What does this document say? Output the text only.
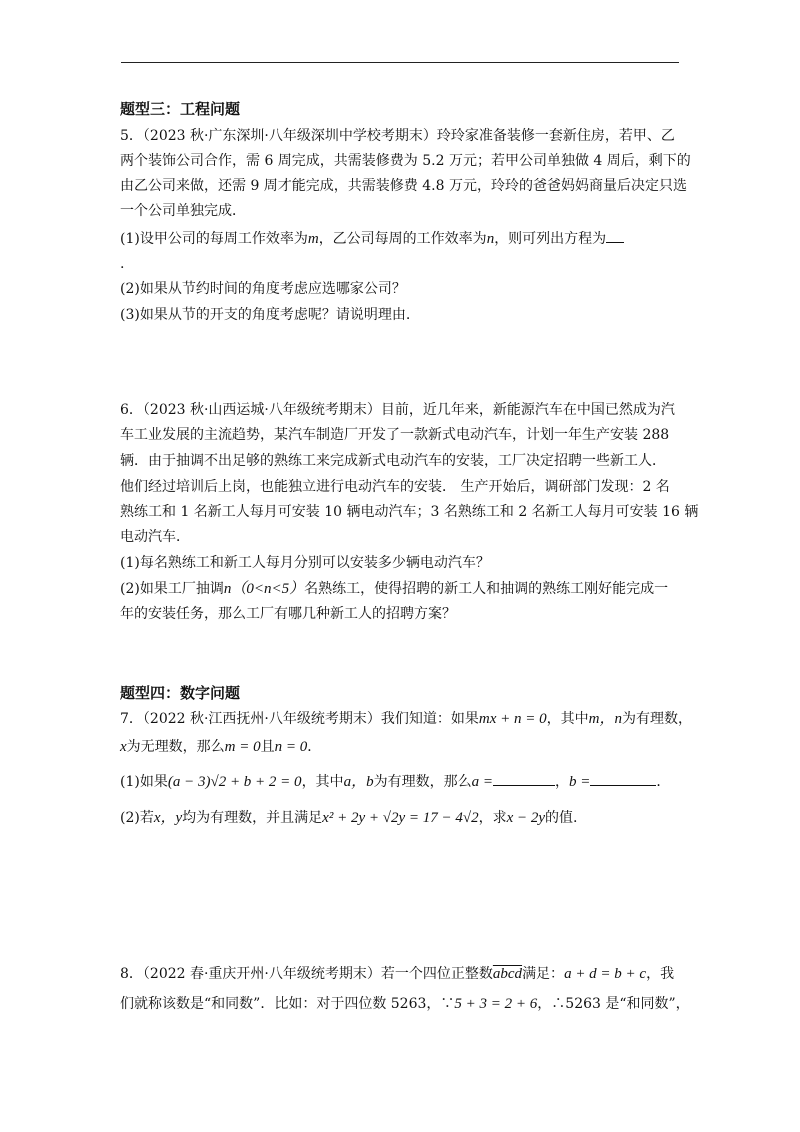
题型三：工程问题
5．（2023 秋·广东深圳·八年级深圳中学校考期末）玲玲家准备装修一套新住房，若甲、乙
两个装饰公司合作，需 6 周完成，共需装修费为 5.2 万元；若甲公司单独做 4 周后，剩下的
由乙公司来做，还需 9 周才能完成，共需装修费 4.8 万元，玲玲的爸爸妈妈商量后决定只选
一个公司单独完成．
(1)设甲公司的每周工作效率为m，乙公司每周的工作效率为n，则可列出方程为
.
(2)如果从节约时间的角度考虑应选哪家公司？
(3)如果从节的开支的角度考虑呢？请说明理由.
6．（2023 秋·山西运城·八年级统考期末）目前，近几年来，新能源汽车在中国已然成为汽
车工业发展的主流趋势，某汽车制造厂开发了一款新式电动汽车，计划一年生产安装 288
辆．由于抽调不出足够的熟练工来完成新式电动汽车的安装，工厂决定招聘一些新工人．
他们经过培训后上岗，也能独立进行电动汽车的安装． 生产开始后，调研部门发现：2 名
熟练工和 1 名新工人每月可安装 10 辆电动汽车；3 名熟练工和 2 名新工人每月可安装 16 辆
电动汽车．
(1)每名熟练工和新工人每月分别可以安装多少辆电动汽车？
(2)如果工厂抽调n（0<n<5）名熟练工，使得招聘的新工人和抽调的熟练工刚好能完成一
年的安装任务，那么工厂有哪几种新工人的招聘方案？
题型四：数字问题
7．（2022 秋·江西抚州·八年级统考期末）我们知道：如果mx + n = 0，其中m，n为有理数，
x为无理数，那么m = 0且n = 0．
(1)如果(a − 3)√2 + b + 2 = 0，其中a，b为有理数，那么a =	，b =	．
(2)若x，y均为有理数，并且满足x² + 2y + √2y = 17 − 4√2，求x − 2y的值.
8．（2022 春·重庆开州·八年级统考期末）若一个四位正整数abcd满足：a + d = b + c，我
们就称该数是“和同数”．比如：对于四位数 5263，∵5 + 3 = 2 + 6，∴5263 是“和同数”，
